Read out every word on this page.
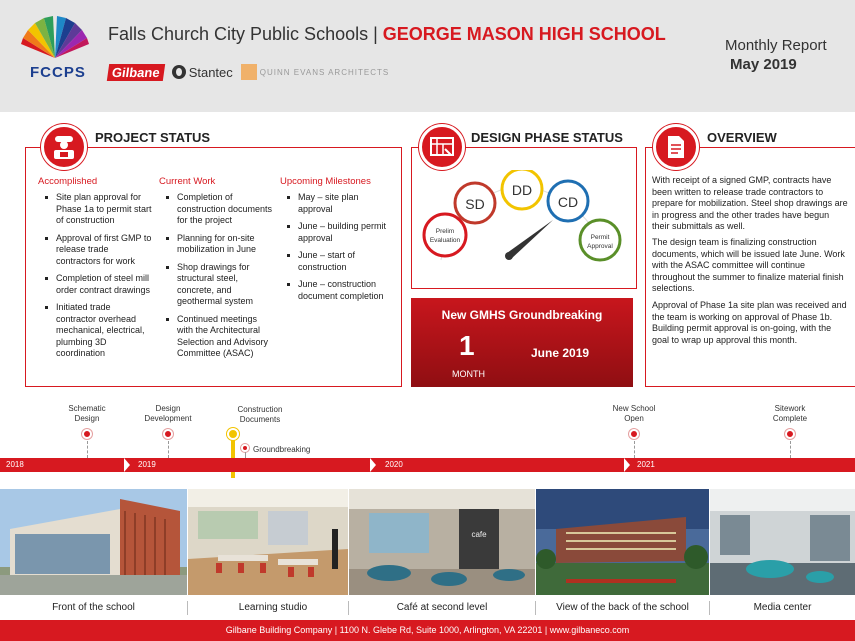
FCCPS
Falls Church City Public Schools | GEORGE MASON HIGH SCHOOL
Gilbane	Stantec	QUINN EVANS ARCHITECTS
Monthly Report
May 2019
PROJECT STATUS
Accomplished
Site plan approval for Phase 1a to permit start of construction
Approval of first GMP to release trade contractors for work
Completion of steel mill order contract drawings
Initiated trade contractor overhead mechanical, electrical, plumbing 3D coordination
Current Work
Completion of construction documents for the project
Planning for on-site mobilization in June
Shop drawings for structural steel, concrete, and geothermal system
Continued meetings with the Architectural Selection and Advisory Committee (ASAC)
Upcoming Milestones
May – site plan approval
June – building permit approval
June – start of construction
June – construction document completion
DESIGN PHASE STATUS
Prelim
Evaluation
SD
DD
CD
Permit
Approval
New GMHS Groundbreaking
1
MONTH
June 2019
OVERVIEW

With receipt of a signed GMP, contracts have been written to release trade contractors to prepare for mobilization. Steel shop drawings are in progress and the other trades have begun their submittals as well.

The design team is finalizing construction documents, which will be issued late June. Work with the ASAC committee will continue throughout the summer to finalize material finish selections.

Approval of Phase 1a site plan was received and the team is working on approval of Phase 1b. Building permit approval is on-going, with the goal to wrap up approval this month.

Schematic Design
Design Development
Construction Documents
Groundbreaking
New School Open
Sitework Complete
2018	2019	2020	2021
cafe
Front of the school	Learning studio	Café at second level	View of the back of the school	Media center
Gilbane Building Company | 1100 N. Glebe Rd, Suite 1000, Arlington, VA 22201 | www.gilbaneco.com
